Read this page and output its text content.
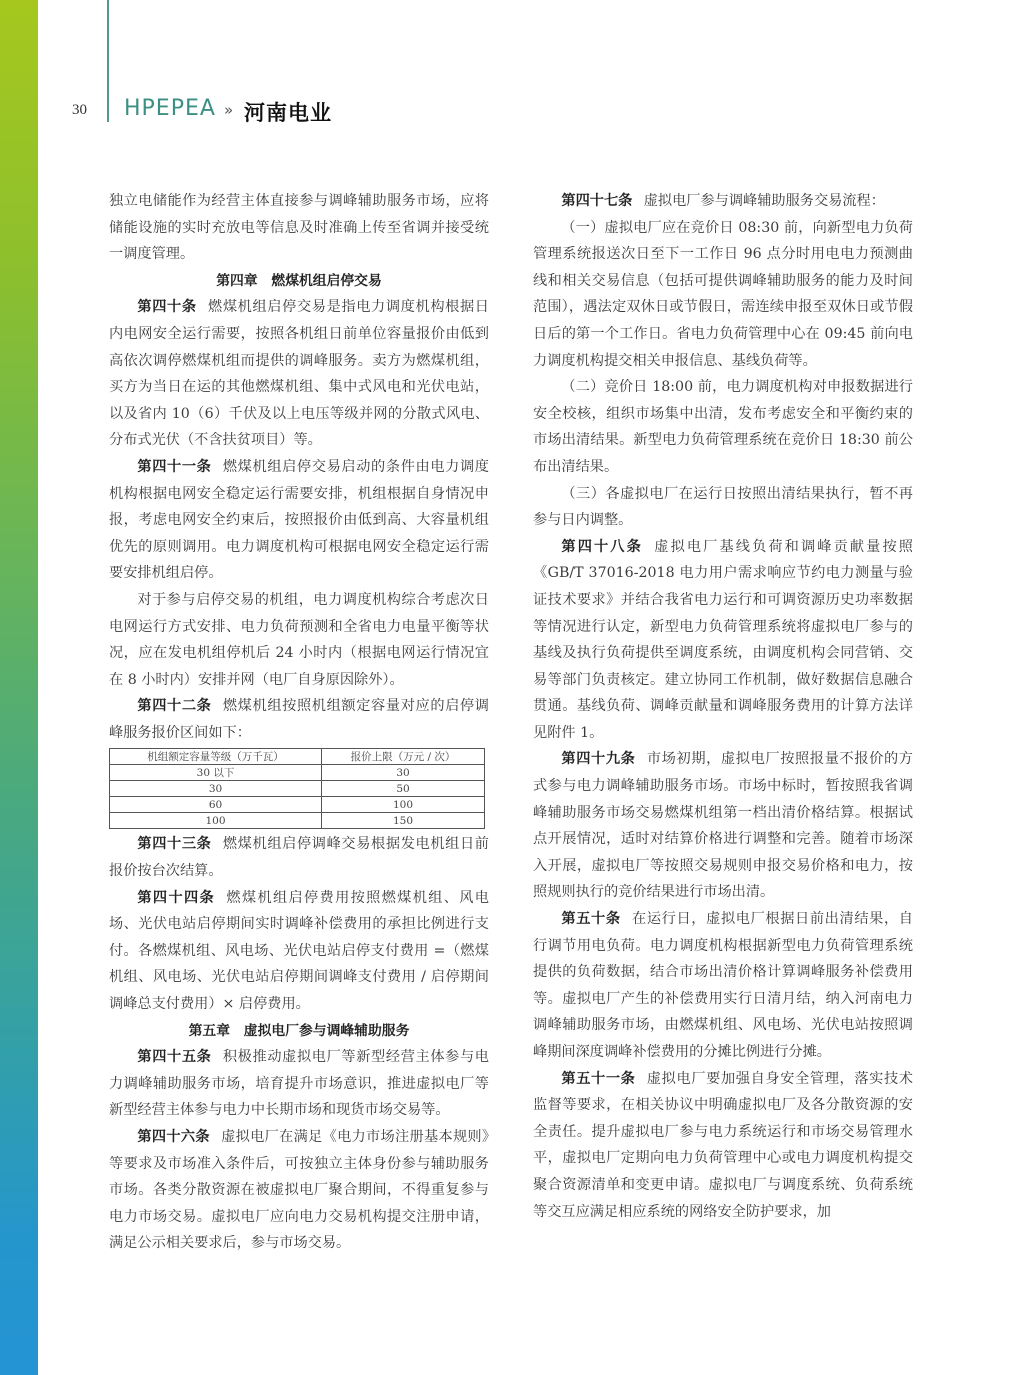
30 HPEPEA » 河南电业

独立电储能作为经营主体直接参与调峰辅助服务市场，应将储能设施的实时充放电等信息及时准确上传至省调并接受统一调度管理。

第四章　燃煤机组启停交易

第四十条 燃煤机组启停交易是指电力调度机构根据日内电网安全运行需要，按照各机组日前单位容量报价由低到高依次调停燃煤机组而提供的调峰服务。卖方为燃煤机组，买方为当日在运的其他燃煤机组、集中式风电和光伏电站，以及省内 10（6）千伏及以上电压等级并网的分散式风电、分布式光伏（不含扶贫项目）等。

第四十一条 燃煤机组启停交易启动的条件由电力调度机构根据电网安全稳定运行需要安排，机组根据自身情况申报，考虑电网安全约束后，按照报价由低到高、大容量机组优先的原则调用。电力调度机构可根据电网安全稳定运行需要安排机组启停。

对于参与启停交易的机组，电力调度机构综合考虑次日电网运行方式安排、电力负荷预测和全省电力电量平衡等状况，应在发电机组停机后 24 小时内（根据电网运行情况宜在 8 小时内）安排并网（电厂自身原因除外）。

第四十二条 燃煤机组按照机组额定容量对应的启停调峰服务报价区间如下：

机组额定容量等级（万千瓦）	报价上限（万元 / 次）
30 以下	30
30	50
60	100
100	150

第四十三条 燃煤机组启停调峰交易根据发电机组日前报价按台次结算。

第四十四条 燃煤机组启停费用按照燃煤机组、风电场、光伏电站启停期间实时调峰补偿费用的承担比例进行支付。各燃煤机组、风电场、光伏电站启停支付费用 =（燃煤机组、风电场、光伏电站启停期间调峰支付费用 / 启停期间调峰总支付费用）× 启停费用。

第五章　虚拟电厂参与调峰辅助服务

第四十五条 积极推动虚拟电厂等新型经营主体参与电力调峰辅助服务市场，培育提升市场意识，推进虚拟电厂等新型经营主体参与电力中长期市场和现货市场交易等。

第四十六条 虚拟电厂在满足《电力市场注册基本规则》等要求及市场准入条件后，可按独立主体身份参与辅助服务市场。各类分散资源在被虚拟电厂聚合期间，不得重复参与电力市场交易。虚拟电厂应向电力交易机构提交注册申请，满足公示相关要求后，参与市场交易。

第四十七条 虚拟电厂参与调峰辅助服务交易流程：

（一）虚拟电厂应在竞价日 08:30 前，向新型电力负荷管理系统报送次日至下一工作日 96 点分时用电电力预测曲线和相关交易信息（包括可提供调峰辅助服务的能力及时间范围），遇法定双休日或节假日，需连续申报至双休日或节假日后的第一个工作日。省电力负荷管理中心在 09:45 前向电力调度机构提交相关申报信息、基线负荷等。

（二）竞价日 18:00 前，电力调度机构对申报数据进行安全校核，组织市场集中出清，发布考虑安全和平衡约束的市场出清结果。新型电力负荷管理系统在竞价日 18:30 前公布出清结果。

（三）各虚拟电厂在运行日按照出清结果执行，暂不再参与日内调整。

第四十八条 虚拟电厂基线负荷和调峰贡献量按照《GB/T 37016-2018 电力用户需求响应节约电力测量与验证技术要求》并结合我省电力运行和可调资源历史功率数据等情况进行认定，新型电力负荷管理系统将虚拟电厂参与的基线及执行负荷提供至调度系统，由调度机构会同营销、交易等部门负责核定。建立协同工作机制，做好数据信息融合贯通。基线负荷、调峰贡献量和调峰服务费用的计算方法详见附件 1。

第四十九条 市场初期，虚拟电厂按照报量不报价的方式参与电力调峰辅助服务市场。市场中标时，暂按照我省调峰辅助服务市场交易燃煤机组第一档出清价格结算。根据试点开展情况，适时对结算价格进行调整和完善。随着市场深入开展，虚拟电厂等按照交易规则申报交易价格和电力，按照规则执行的竞价结果进行市场出清。

第五十条 在运行日，虚拟电厂根据日前出清结果，自行调节用电负荷。电力调度机构根据新型电力负荷管理系统提供的负荷数据，结合市场出清价格计算调峰服务补偿费用等。虚拟电厂产生的补偿费用实行日清月结，纳入河南电力调峰辅助服务市场，由燃煤机组、风电场、光伏电站按照调峰期间深度调峰补偿费用的分摊比例进行分摊。

第五十一条 虚拟电厂要加强自身安全管理，落实技术监督等要求，在相关协议中明确虚拟电厂及各分散资源的安全责任。提升虚拟电厂参与电力系统运行和市场交易管理水平，虚拟电厂定期向电力负荷管理中心或电力调度机构提交聚合资源清单和变更申请。虚拟电厂与调度系统、负荷系统等交互应满足相应系统的网络安全防护要求，加
